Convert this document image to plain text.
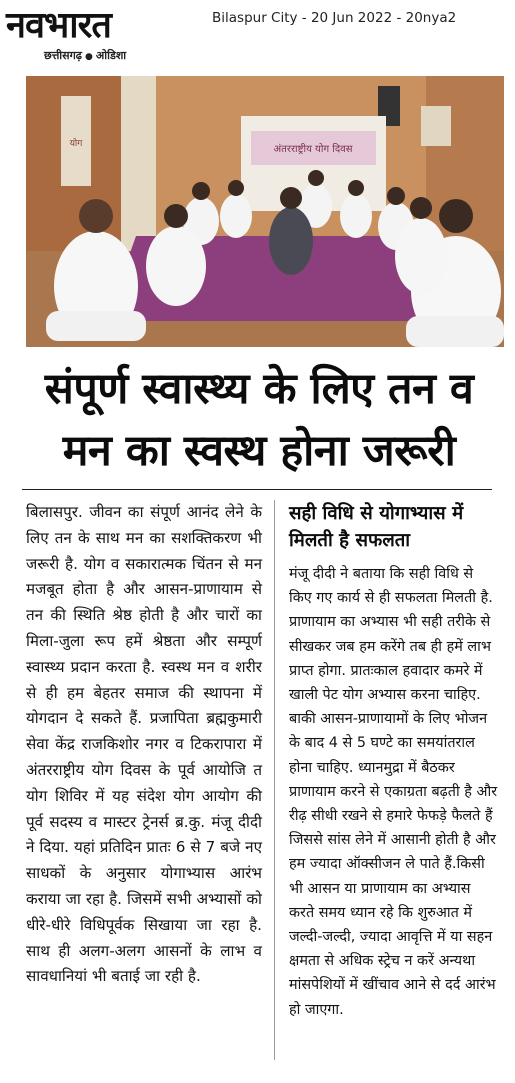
नवभारत
छत्तीसगढ़ ● ओडिशा
Bilaspur City - 20 Jun 2022 - 20nya2
अंतरराष्ट्रीय योग दिवस
योग
संपूर्ण स्वास्थ्य के लिए तन व मन का स्वस्थ होना जरूरी
बिलासपुर. जीवन का संपूर्ण आनंद लेने के लिए तन के साथ मन का सशक्तिकरण भी जरूरी है. योग व सकारात्मक चिंतन से मन मजबूत होता है और आसन-प्राणायाम से तन की स्थिति श्रेष्ठ होती है और चारों का मिला-जुला रूप हमें श्रेष्ठता और सम्पूर्ण स्वास्थ्य प्रदान करता है. स्वस्थ मन व शरीर से ही हम बेहतर समाज की स्थापना में योगदान दे सकते हैं. प्रजापिता ब्रह्मकुमारी सेवा केंद्र राजकिशोर नगर व टिकरापारा में अंतरराष्ट्रीय योग दिवस के पूर्व आयोजि त योग शिविर में यह संदेश योग आयोग की पूर्व सदस्य व मास्टर ट्रेनर्स ब्र.कु. मंजू दीदी ने दिया. यहां प्रतिदिन प्रातः 6 से 7 बजे नए साधकों के अनुसार योगाभ्यास आरंभ कराया जा रहा है. जिसमें सभी अभ्यासों को धीरे-धीरे विधिपूर्वक सिखाया जा रहा है. साथ ही अलग-अलग आसनों के लाभ व सावधानियां भी बताई जा रही है.
सही विधि से योगाभ्यास में मिलती है सफलता
मंजू दीदी ने बताया कि सही विधि से किए गए कार्य से ही सफलता मिलती है. प्राणायाम का अभ्यास भी सही तरीके से सीखकर जब हम करेंगे तब ही हमें लाभ प्राप्त होगा. प्रातःकाल हवादार कमरे में खाली पेट योग अभ्यास करना चाहिए. बाकी आसन-प्राणायामों के लिए भोजन के बाद 4 से 5 घण्टे का समयांतराल होना चाहिए. ध्यानमुद्रा में बैठकर प्राणायाम करने से एकाग्रता बढ़ती है और रीढ़ सीधी रखने से हमारे फेफड़े फैलते हैं जिससे सांस लेने में आसानी होती है और हम ज्यादा ऑक्सीजन ले पाते हैं.किसी भी आसन या प्राणायाम का अभ्यास करते समय ध्यान रहे कि शुरुआत में जल्दी-जल्दी, ज्यादा आवृत्ति में या सहन क्षमता से अधिक स्ट्रेच न करें अन्यथा मांसपेशियों में खींचाव आने से दर्द आरंभ हो जाएगा.
